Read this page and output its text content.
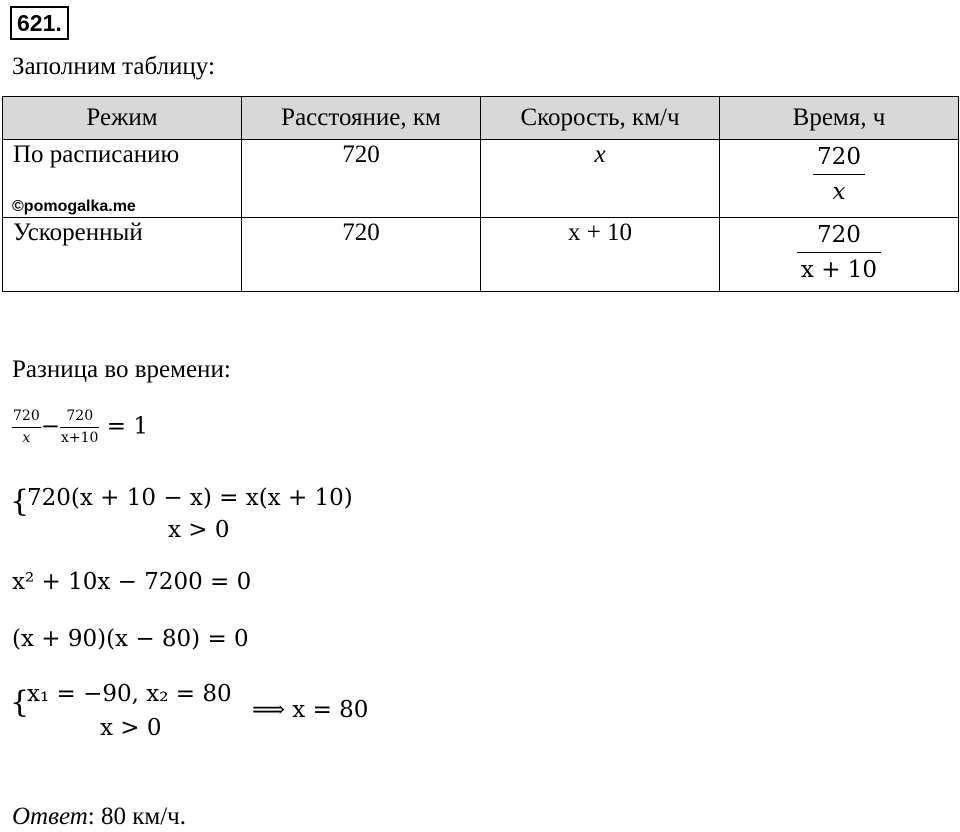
621.
Заполним таблицу:
Режим	Расстояние, км	Скорость, км/ч	Время, ч
По расписанию	720	x	$\frac{720}{x}$

Ускоренный	720	x + 10	$\frac{720}{x + 10}$
©pomogalka.me
Разница во времени:
$\frac{720}{x} - \frac{720}{x+10} = 1$
{
720(x + 10 − x) = x(x + 10)
x > 0
x² + 10x − 7200 = 0
(x + 90)(x − 80) = 0
{
x₁ = −90, x₂ = 80
x > 0
⟹ x = 80
Ответ: 80 км/ч.
